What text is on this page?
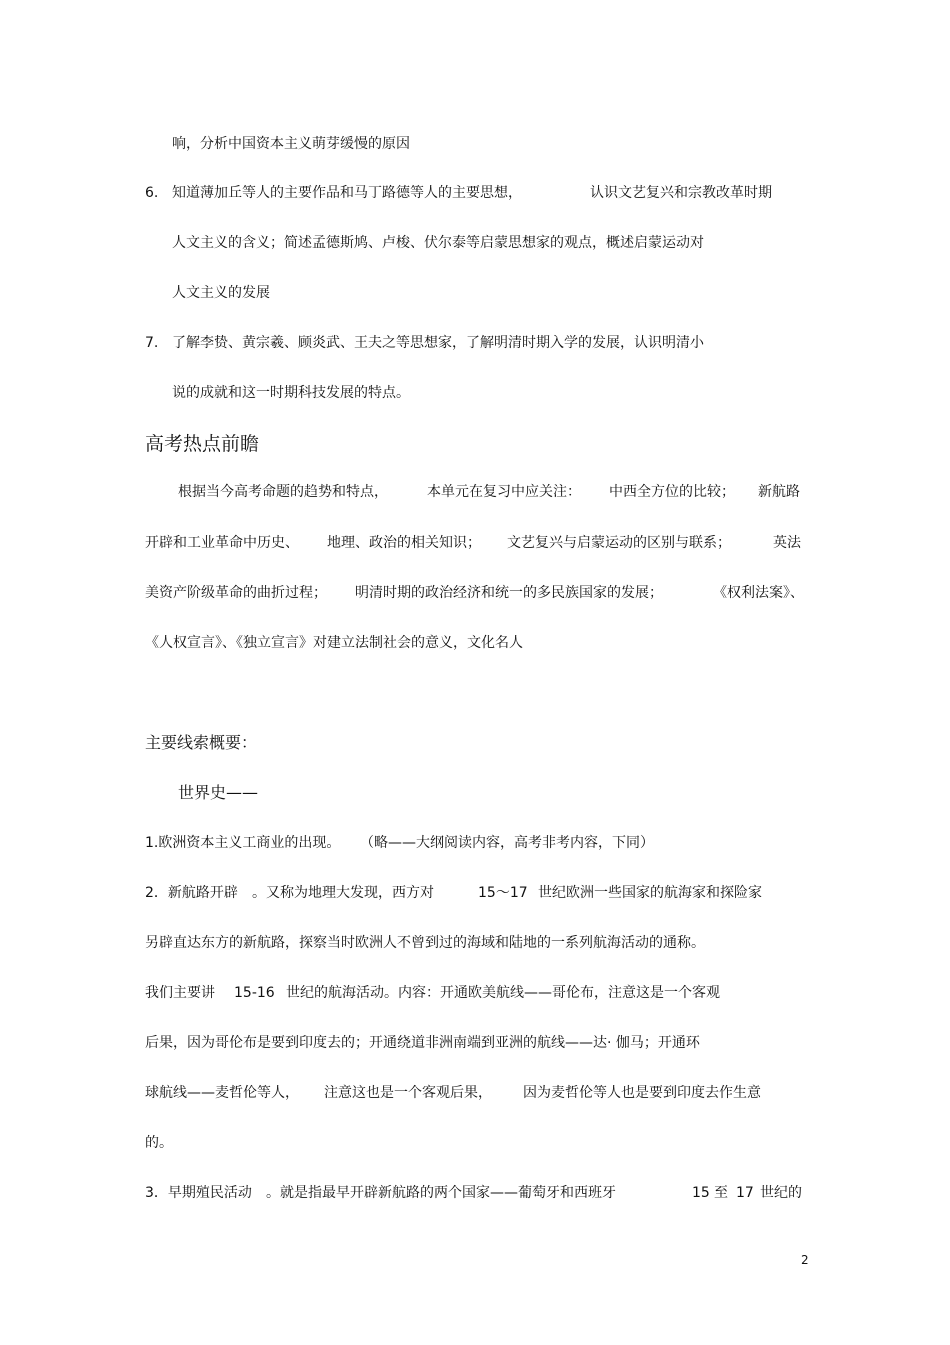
响，分析中国资本主义萌芽缓慢的原因
6. 知道薄加丘等人的主要作品和马丁路德等人的主要思想，	认识文艺复兴和宗教改革时期
人文主义的含义；简述孟德斯鸠、卢梭、伏尔泰等启蒙思想家的观点，概述启蒙运动对
人文主义的发展
7. 了解李贽、黄宗羲、顾炎武、王夫之等思想家，了解明清时期入学的发展，认识明清小
说的成就和这一时期科技发展的特点。
高考热点前瞻
根据当今高考命题的趋势和特点，	本单元在复习中应关注： 中西全方位的比较； 新航路
开辟和工业革命中历史、 地理、政治的相关知识； 文艺复兴与启蒙运动的区别与联系；	英法
美资产阶级革命的曲折过程； 明清时期的政治经济和统一的多民族国家的发展；	《权利法案》、
《人权宣言》、《独立宣言》对建立法制社会的意义，文化名人
主要线索概要：
世界史——
1.欧洲资本主义工商业的出现。 （略——大纲阅读内容，高考非考内容，下同）
2．新航路开辟 。又称为地理大发现，西方对	15～17 世纪欧洲一些国家的航海家和探险家
另辟直达东方的新航路，探察当时欧洲人不曾到过的海域和陆地的一系列航海活动的通称。
我们主要讲 15-16 世纪的航海活动。内容：开通欧美航线——哥伦布，注意这是一个客观
后果，因为哥伦布是要到印度去的；开通绕道非洲南端到亚洲的航线——达· 伽马；开通环
球航线——麦哲伦等人， 注意这也是一个客观后果， 因为麦哲伦等人也是要到印度去作生意
的。
3．早期殖民活动 。就是指最早开辟新航路的两个国家——葡萄牙和西班牙	15 至 17 世纪的
2
